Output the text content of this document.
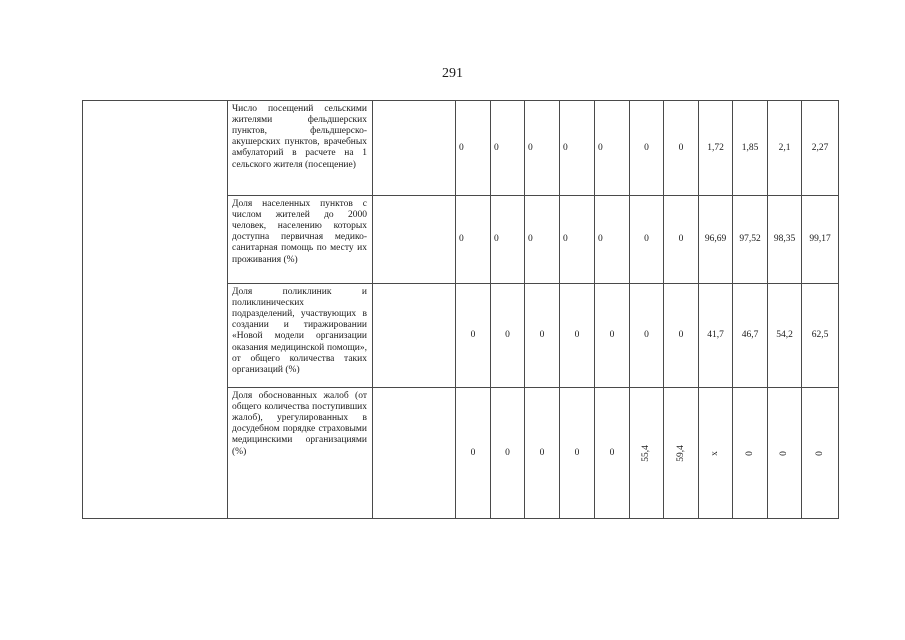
291

	Число посещений сельскими жителями фельдшерских пунктов, фельдшерско-акушерских пунктов, врачебных амбулаторий в расчете на 1 сельского жителя (посещение)		0	0	0	0	0	0	0	1,72	1,85	2,1	2,27

	Доля населенных пунктов с числом жителей до 2000 человек, населению которых доступна первичная медико-санитарная помощь по месту их проживания (%)		0	0	0	0	0	0	0	96,69	97,52	98,35	99,17

	Доля поликлиник и поликлинических подразделений, участвующих в создании и тиражировании «Новой модели организации оказания медицинской помощи», от общего количества таких организаций (%)		0	0	0	0	0	0	0	41,7	46,7	54,2	62,5

	Доля обоснованных жалоб (от общего количества поступивших жалоб), урегулированных в досудебном порядке страховыми медицинскими организациями (%)		0	0	0	0	0	55,4	59,4	x	0	0	0
